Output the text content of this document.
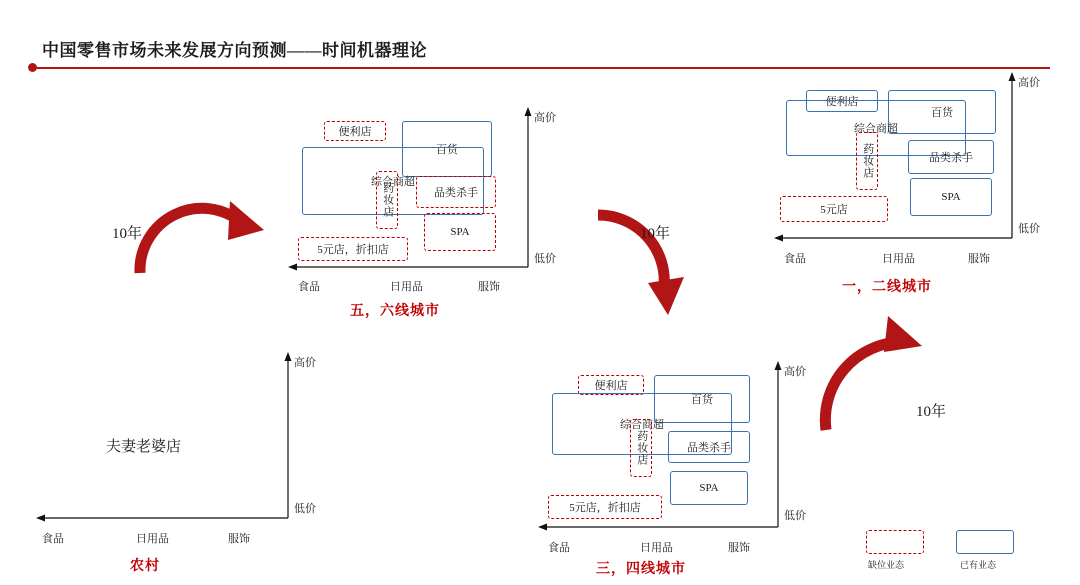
中国零售市场未来发展方向预测——时间机器理论
高价
低价
食品	日用品	服饰
百货
便利店
综合商超
药妆店	品类杀手
SPA
5元店，折扣店
五，六线城市
高价
低价
食品	日用品	服饰
百货
便利店
综合商超
药妆店	品类杀手
SPA
5元店
一，二线城市
高价
低价
食品	日用品	服饰
夫妻老婆店
农村
高价
低价
食品	日用品	服饰
百货
便利店
综合商超
药妆店	品类杀手
SPA
5元店，折扣店
三，四线城市
10年	10年
10年
缺位业态	已有业态
